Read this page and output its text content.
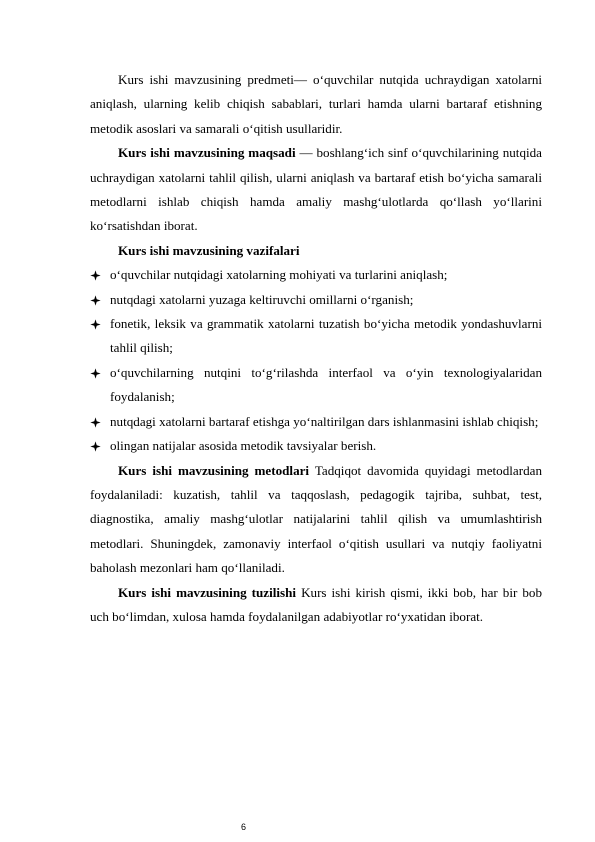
Kurs ishi mavzusining predmeti— o‘quvchilar nutqida uchraydigan xatolarni aniqlash, ularning kelib chiqish sabablari, turlari hamda ularni bartaraf etishning metodik asoslari va samarali o‘qitish usullaridir.

Kurs ishi mavzusining maqsadi — boshlang‘ich sinf o‘quvchilarining nutqida uchraydigan xatolarni tahlil qilish, ularni aniqlash va bartaraf etish bo‘yicha samarali metodlarni ishlab chiqish hamda amaliy mashg‘ulotlarda qo‘llash yo‘llarini ko‘rsatishdan iborat.

Kurs ishi mavzusining vazifalari

o‘quvchilar nutqidagi xatolarning mohiyati va turlarini aniqlash;
nutqdagi xatolarni yuzaga keltiruvchi omillarni o‘rganish;
fonetik, leksik va grammatik xatolarni tuzatish bo‘yicha metodik yondashuvlarni tahlil qilish;
o‘quvchilarning nutqini to‘g‘rilashda interfaol va o‘yin texnologiyalaridan foydalanish;
nutqdagi xatolarni bartaraf etishga yo‘naltirilgan dars ishlanmasini ishlab chiqish;
olingan natijalar asosida metodik tavsiyalar berish.

Kurs ishi mavzusining metodlari Tadqiqot davomida quyidagi metodlardan foydalaniladi: kuzatish, tahlil va taqqoslash, pedagogik tajriba, suhbat, test, diagnostika, amaliy mashg‘ulotlar natijalarini tahlil qilish va umumlashtirish metodlari. Shuningdek, zamonaviy interfaol o‘qitish usullari va nutqiy faoliyatni baholash mezonlari ham qo‘llaniladi.

Kurs ishi mavzusining tuzilishi Kurs ishi kirish qismi, ikki bob, har bir bob uch bo‘limdan, xulosa hamda foydalanilgan adabiyotlar ro‘yxatidan iborat.

6
